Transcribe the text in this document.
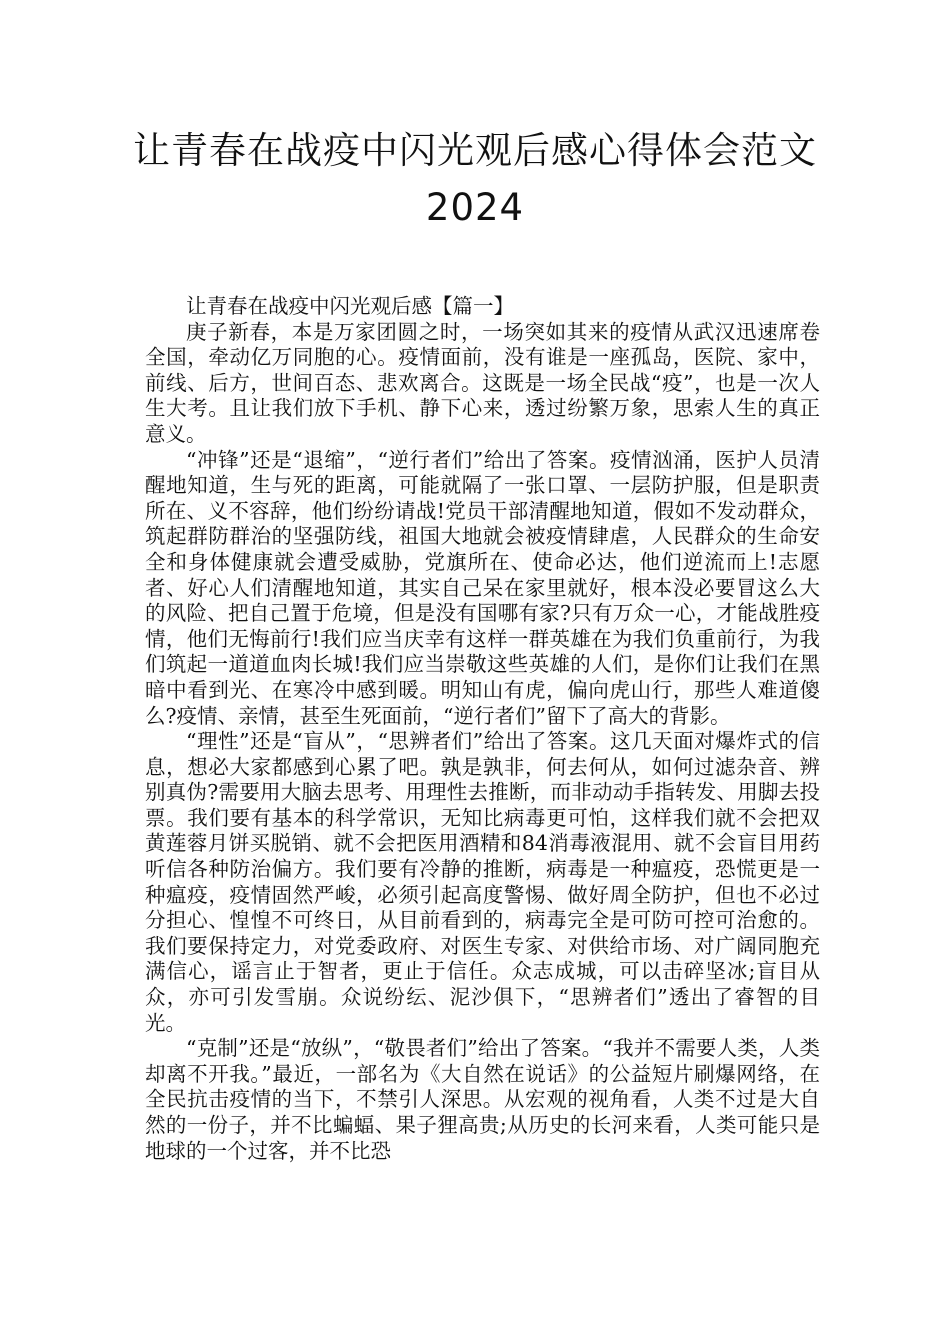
让青春在战疫中闪光观后感心得体会范文2024

让青春在战疫中闪光观后感【篇一】

庚子新春，本是万家团圆之时，一场突如其来的疫情从武汉迅速席卷全国，牵动亿万同胞的心。疫情面前，没有谁是一座孤岛，医院、家中，前线、后方，世间百态、悲欢离合。这既是一场全民战“疫”，也是一次人生大考。且让我们放下手机、静下心来，透过纷繁万象，思索人生的真正意义。

“冲锋”还是“退缩”，“逆行者们”给出了答案。疫情汹涌，医护人员清醒地知道，生与死的距离，可能就隔了一张口罩、一层防护服，但是职责所在、义不容辞，他们纷纷请战!党员干部清醒地知道，假如不发动群众，筑起群防群治的坚强防线，祖国大地就会被疫情肆虐，人民群众的生命安全和身体健康就会遭受威胁，党旗所在、使命必达，他们逆流而上!志愿者、好心人们清醒地知道，其实自己呆在家里就好，根本没必要冒这么大的风险、把自己置于危境，但是没有国哪有家?只有万众一心，才能战胜疫情，他们无悔前行!我们应当庆幸有这样一群英雄在为我们负重前行，为我们筑起一道道血肉长城!我们应当崇敬这些英雄的人们，是你们让我们在黑暗中看到光、在寒冷中感到暖。明知山有虎，偏向虎山行，那些人难道傻么?疫情、亲情，甚至生死面前，“逆行者们”留下了高大的背影。

“理性”还是“盲从”，“思辨者们”给出了答案。这几天面对爆炸式的信息，想必大家都感到心累了吧。孰是孰非，何去何从，如何过滤杂音、辨别真伪?需要用大脑去思考、用理性去推断，而非动动手指转发、用脚去投票。我们要有基本的科学常识，无知比病毒更可怕，这样我们就不会把双黄莲蓉月饼买脱销、就不会把医用酒精和84消毒液混用、就不会盲目用药听信各种防治偏方。我们要有冷静的推断，病毒是一种瘟疫，恐慌更是一种瘟疫，疫情固然严峻，必须引起高度警惕、做好周全防护，但也不必过分担心、惶惶不可终日，从目前看到的，病毒完全是可防可控可治愈的。我们要保持定力，对党委政府、对医生专家、对供给市场、对广阔同胞充满信心，谣言止于智者，更止于信任。众志成城，可以击碎坚冰;盲目从众，亦可引发雪崩。众说纷纭、泥沙俱下，“思辨者们”透出了睿智的目光。

“克制”还是“放纵”，“敬畏者们”给出了答案。“我并不需要人类，人类却离不开我。”最近，一部名为《大自然在说话》的公益短片刷爆网络，在全民抗击疫情的当下，不禁引人深思。从宏观的视角看，人类不过是大自然的一份子，并不比蝙蝠、果子狸高贵;从历史的长河来看，人类可能只是地球的一个过客，并不比恐
